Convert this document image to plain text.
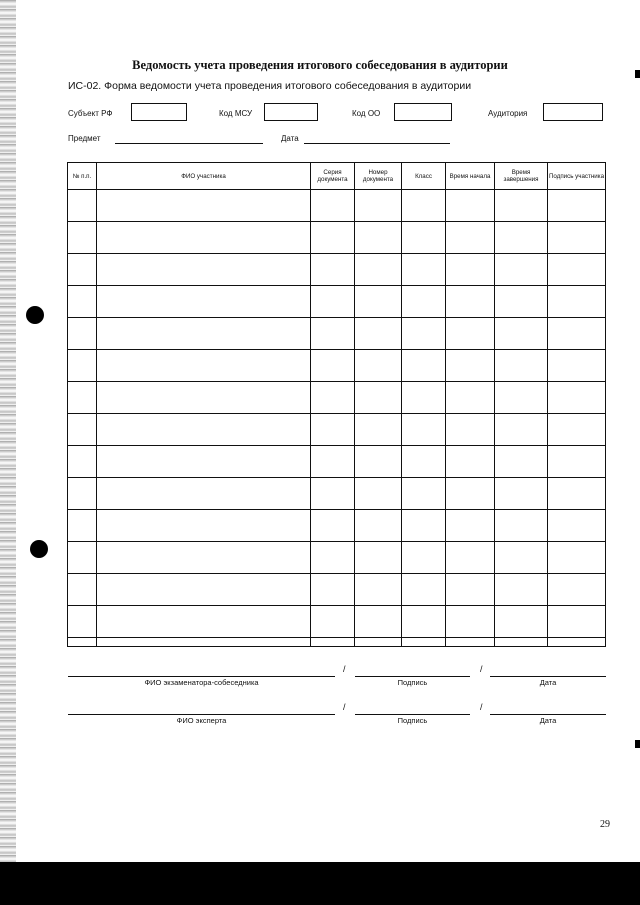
Ведомость учета проведения итогового собеседования в аудитории
ИС-02. Форма ведомости учета проведения итогового собеседования в аудитории
Субъект РФ	Код МСУ	Код ОО	Аудитория
Предмет	Дата
№ п.п.	ФИО участника	Серия документа	Номер документа	Класс	Время начала	Время завершения	Подпись участника

/	/
ФИО экзаменатора-собеседника	Подпись	Дата
/	/
ФИО эксперта	Подпись	Дата
29
